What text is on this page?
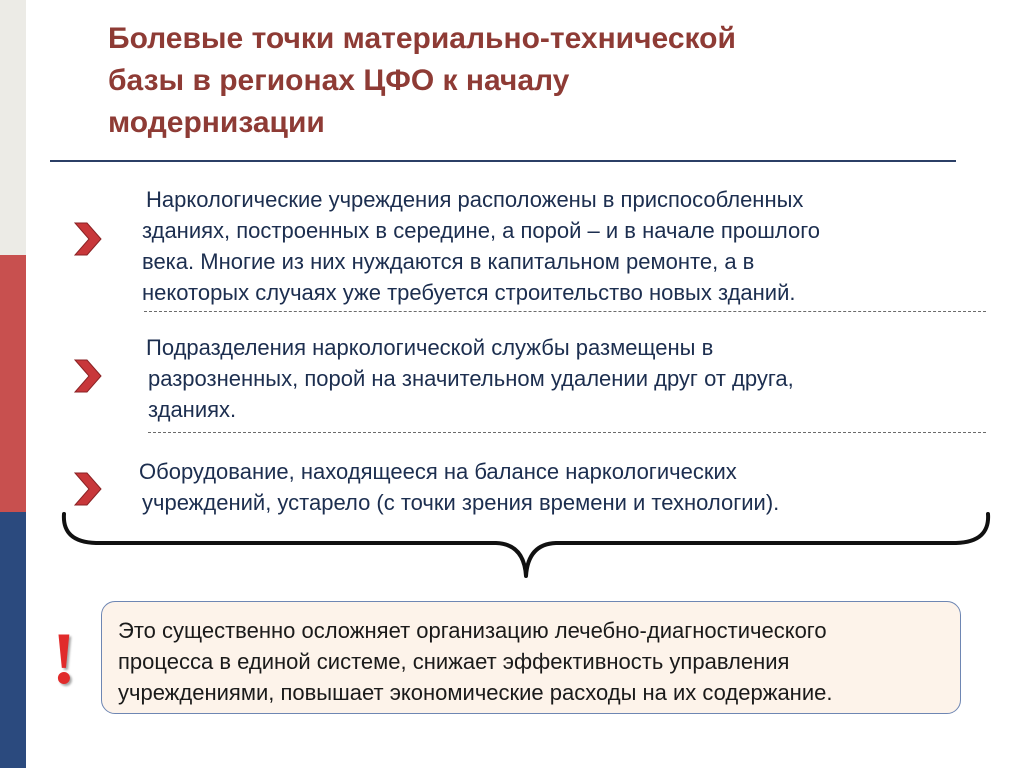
Болевые точки материально-технической
базы в регионах ЦФО к началу
модернизации
Наркологические учреждения расположены в приспособленных
зданиях, построенных в середине, а порой – и в начале прошлого
века. Многие из них нуждаются в капитальном ремонте, а в
некоторых случаях уже требуется строительство новых зданий.
Подразделения наркологической службы размещены в
разрозненных, порой на значительном удалении друг от друга,
зданиях.
Оборудование, находящееся на балансе наркологических
учреждений, устарело (с точки зрения времени и технологии).
!	Это существенно осложняет организацию лечебно-диагностического
процесса в единой системе, снижает эффективность управления
учреждениями, повышает экономические расходы на их содержание.
